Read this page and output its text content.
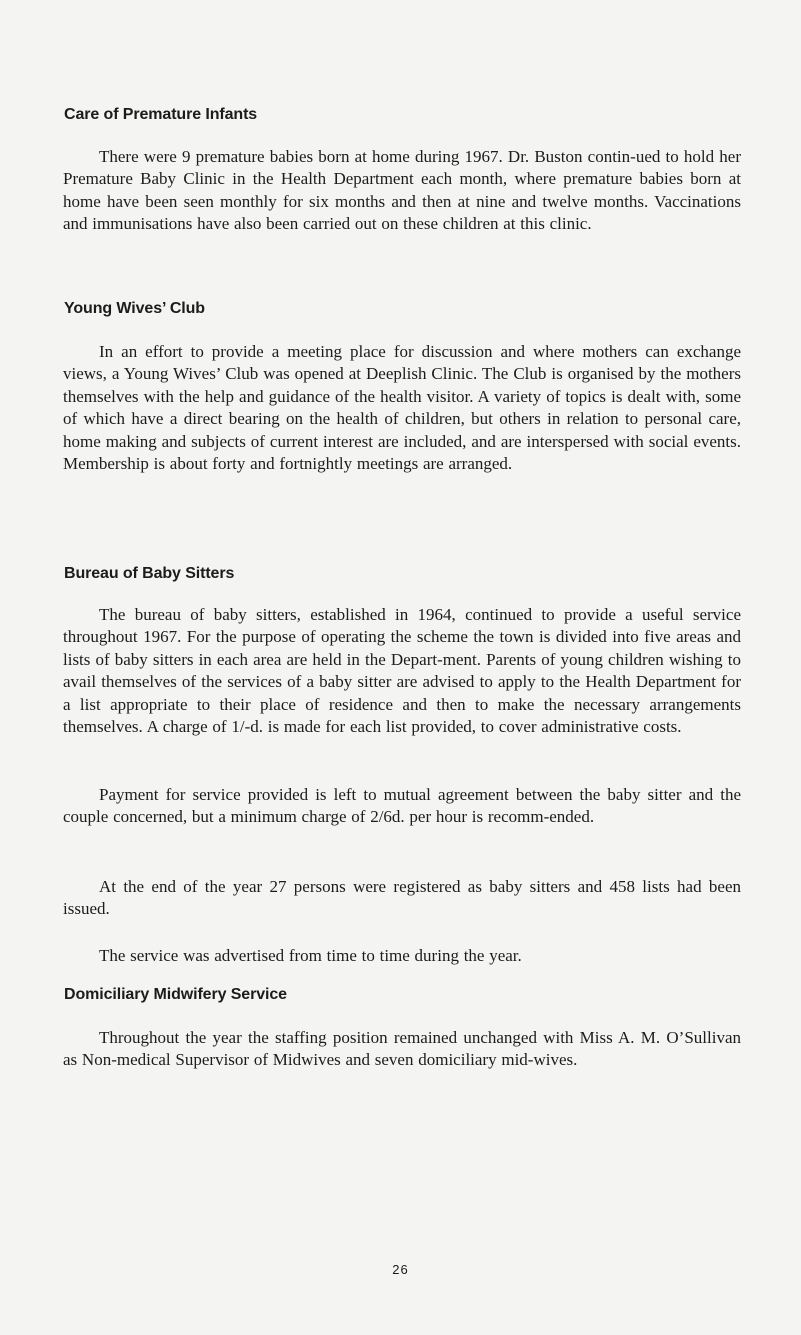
Care of Premature Infants

There were 9 premature babies born at home during 1967. Dr. Buston contin-ued to hold her Premature Baby Clinic in the Health Department each month, where premature babies born at home have been seen monthly for six months and then at nine and twelve months. Vaccinations and immunisations have also been carried out on these children at this clinic.

Young Wives’ Club

In an effort to provide a meeting place for discussion and where mothers can exchange views, a Young Wives’ Club was opened at Deeplish Clinic. The Club is organised by the mothers themselves with the help and guidance of the health visitor. A variety of topics is dealt with, some of which have a direct bearing on the health of children, but others in relation to personal care, home making and subjects of current interest are included, and are interspersed with social events. Membership is about forty and fortnightly meetings are arranged.

Bureau of Baby Sitters

The bureau of baby sitters, established in 1964, continued to provide a useful service throughout 1967. For the purpose of operating the scheme the town is divided into five areas and lists of baby sitters in each area are held in the Depart-ment. Parents of young children wishing to avail themselves of the services of a baby sitter are advised to apply to the Health Department for a list appropriate to their place of residence and then to make the necessary arrangements themselves. A charge of 1/-d. is made for each list provided, to cover administrative costs.

Payment for service provided is left to mutual agreement between the baby sitter and the couple concerned, but a minimum charge of 2/6d. per hour is recomm-ended.

At the end of the year 27 persons were registered as baby sitters and 458 lists had been issued.

The service was advertised from time to time during the year.

Domiciliary Midwifery Service

Throughout the year the staffing position remained unchanged with Miss A. M. O’Sullivan as Non-medical Supervisor of Midwives and seven domiciliary mid-wives.

26
